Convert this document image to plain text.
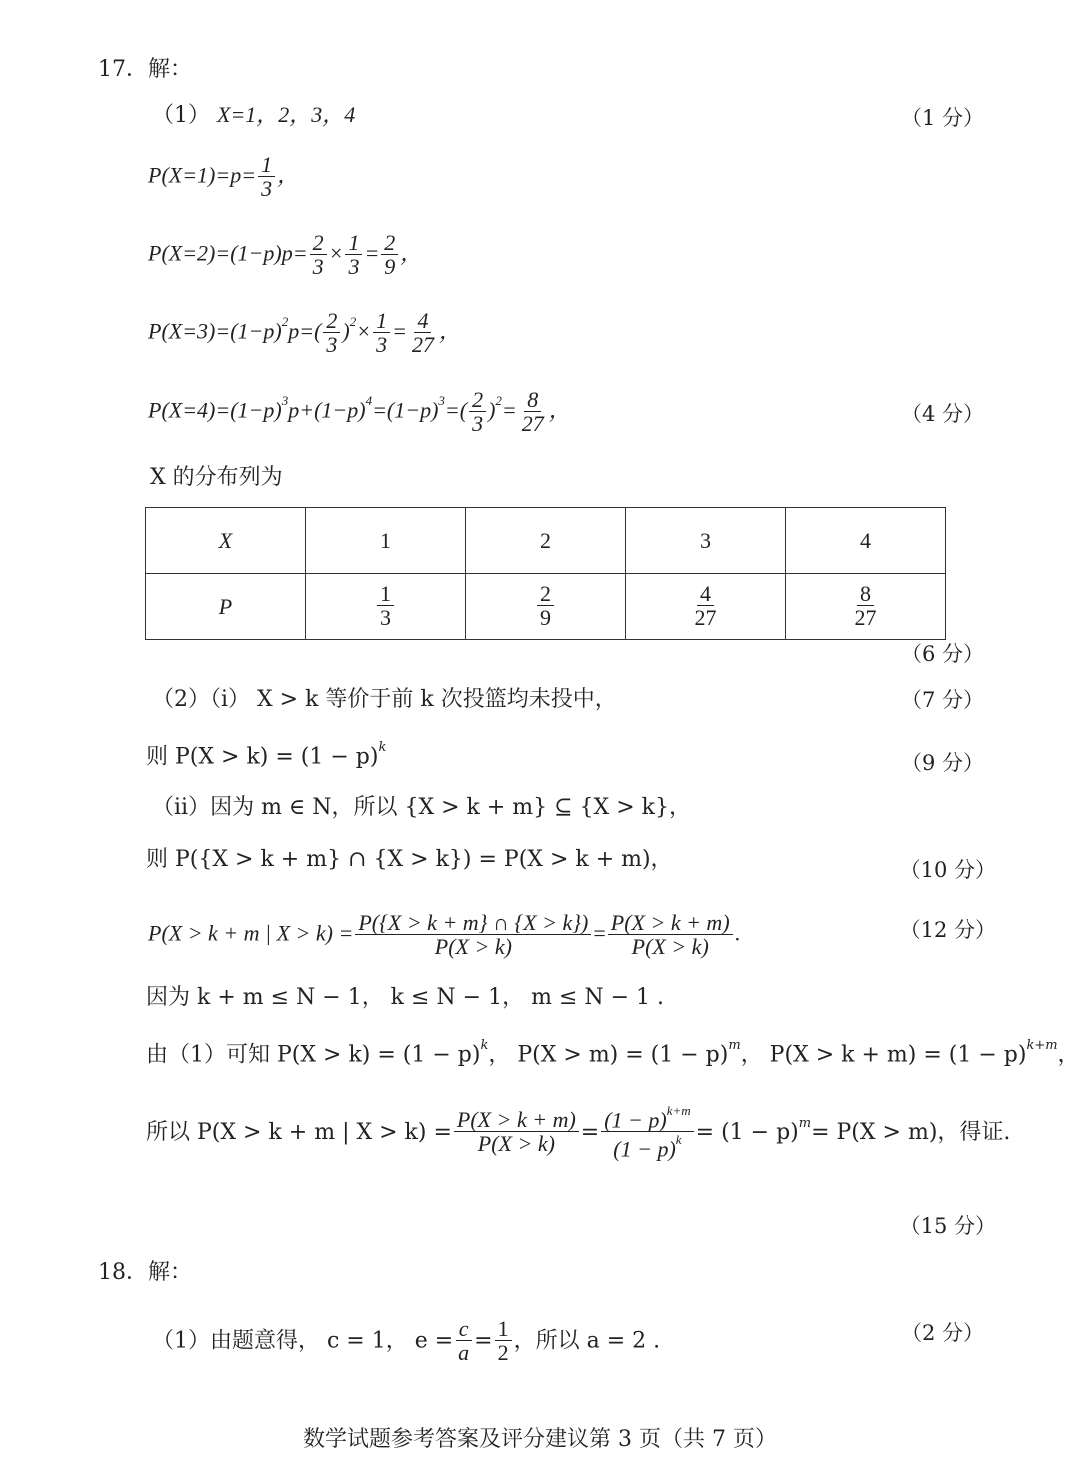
17．解：
（1） X=1，2，3，4	（1 分）
$P(X=1)=p= \frac{1}{3}$ ，
$P(X=2)=(1-p)p= \frac{2}{3} \times \frac{1}{3} = \frac{2}{9}$ ，
$P(X=3)=(1-p)^2p=( \frac{2}{3} )^2\times \frac{1}{3} = \frac{4}{27}$ ，
$P(X=4)=(1-p)^3p+(1-p)^4=(1-p)^3=( \frac{2}{3} )^2= \frac{8}{27}$ ，	（4 分）
X 的分布列为
X	1	2	3	4
P	$\frac{1}{3}$	$\frac{2}{9}$	$\frac{4}{27}$	$\frac{8}{27}$
（6 分）
（2）（ⅰ） X > k 等价于前 k 次投篮均未投中，	（7 分）
则 $P(X > k) = (1 - p)^k$
（9 分）
（ⅱ）因为 m ∈ N，所以 {X > k + m} ⊆ {X > k}，
则 P({X > k + m} ∩ {X > k}) = P(X > k + m)，	（10 分）
P(X > k + m | $X > k) = \frac{P(\{X > k + m\} \cap \{X > k\})}{P(X > k)} = \frac{P(X > k + m)}{P(X > k)}$ .	（12 分）
因为 k + m ≤ N − 1， k ≤ N − 1， m ≤ N − 1 .
由（1）可知 $P(X > k) = (1 - p)^k$， $P(X > m) = (1 - p)^m$， $P(X > k + m) = (1 - p)^{k+m}$，
所以 P(X > k + m | $X > k) = \frac{P(X > k + m)}{P(X > k)} = \frac{(1 - p)^{k+m}}{(1 - p)^k} = (1 - p)^m= P(X > m)$，得证.
（15 分）
18．解：
（1）由题意得， c = 1， $e = \frac{c}{a} = \frac{1}{2}$ ，所以 a = 2 .	（2 分）
数学试题参考答案及评分建议第 3 页（共 7 页）
